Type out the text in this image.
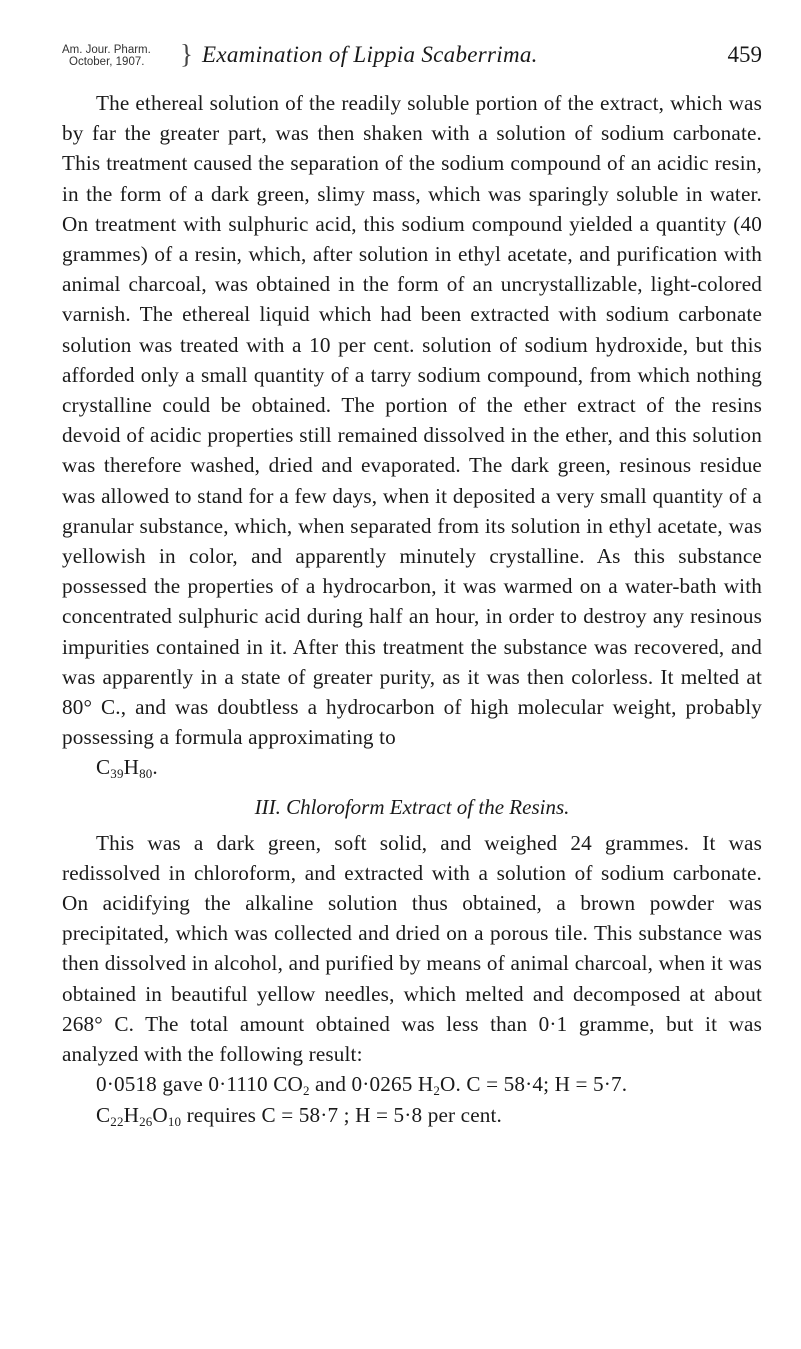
Am. Jour. Pharm.
October, 1907. } Examination of Lippia Scaberrima.	459

The ethereal solution of the readily soluble portion of the extract, which was by far the greater part, was then shaken with a solution of sodium carbonate. This treatment caused the separation of the sodium compound of an acidic resin, in the form of a dark green, slimy mass, which was sparingly soluble in water. On treatment with sulphuric acid, this sodium compound yielded a quantity (40 grammes) of a resin, which, after solution in ethyl acetate, and purification with animal charcoal, was obtained in the form of an uncrystallizable, light-colored varnish. The ethereal liquid which had been extracted with sodium carbonate solution was treated with a 10 per cent. solution of sodium hydroxide, but this afforded only a small quantity of a tarry sodium compound, from which nothing crystalline could be obtained. The portion of the ether extract of the resins devoid of acidic properties still remained dissolved in the ether, and this solution was therefore washed, dried and evaporated. The dark green, resinous residue was allowed to stand for a few days, when it deposited a very small quantity of a granular substance, which, when separated from its solution in ethyl acetate, was yellowish in color, and apparently minutely crystalline. As this substance possessed the properties of a hydrocarbon, it was warmed on a water-bath with concentrated sulphuric acid during half an hour, in order to destroy any resinous impurities contained in it. After this treatment the substance was recovered, and was apparently in a state of greater purity, as it was then colorless. It melted at 80° C., and was doubtless a hydrocarbon of high molecular weight, probably possessing a formula approximating to
$C_{39}H_{80}$.

III. Chloroform Extract of the Resins.

This was a dark green, soft solid, and weighed 24 grammes. It was redissolved in chloroform, and extracted with a solution of sodium carbonate. On acidifying the alkaline solution thus obtained, a brown powder was precipitated, which was collected and dried on a porous tile. This substance was then dissolved in alcohol, and purified by means of animal charcoal, when it was obtained in beautiful yellow needles, which melted and decomposed at about 268° C. The total amount obtained was less than 0·1 gramme, but it was analyzed with the following result:

0·0518 gave 0·1110 $CO_2$ and 0·0265 $H_2O$. C = 58·4; H = 5·7.

$C_{22}H_{26}O_{10}$ requires C = 58·7 ; H = 5·8 per cent.
